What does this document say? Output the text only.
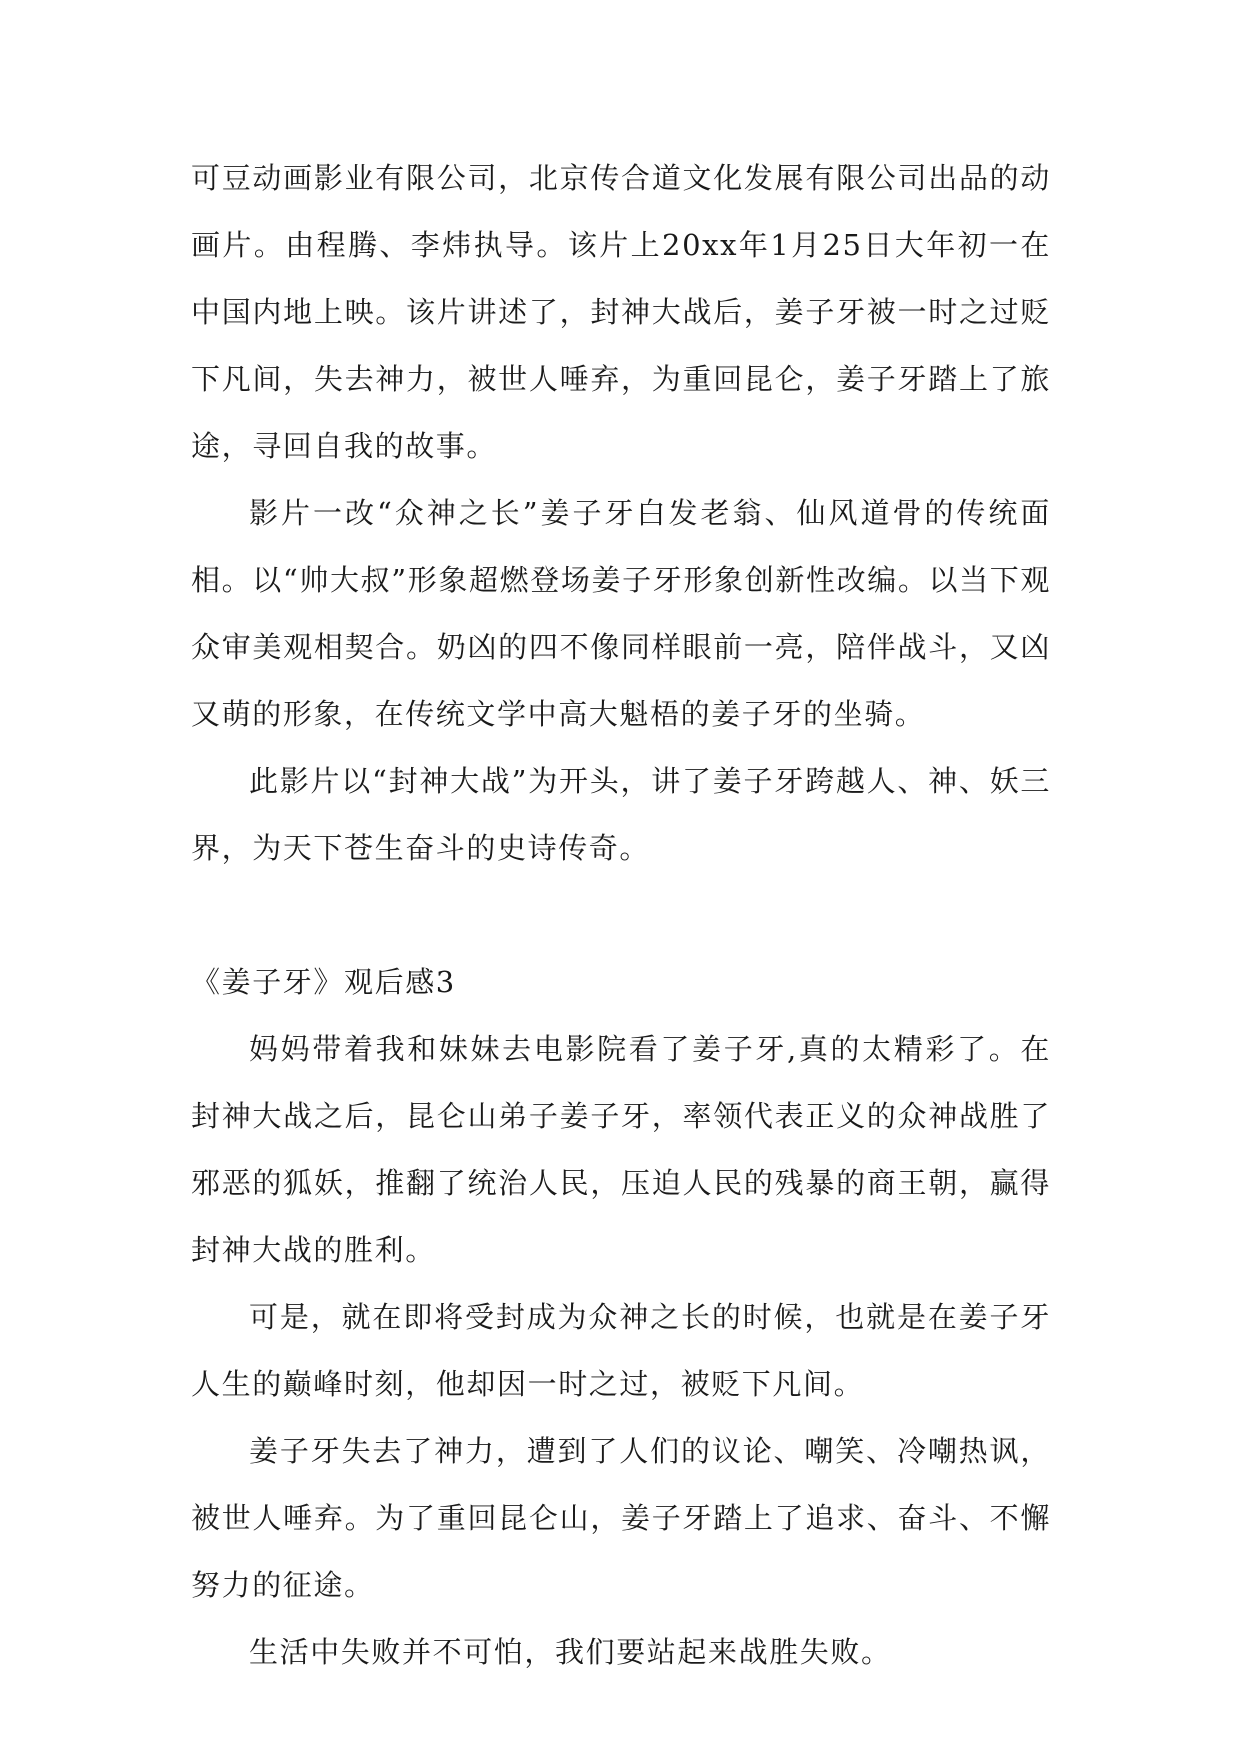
可豆动画影业有限公司，北京传合道文化发展有限公司出品的动画片。由程腾、李炜执导。该片上20xx年1月25日大年初一在中国内地上映。该片讲述了，封神大战后，姜子牙被一时之过贬下凡间，失去神力，被世人唾弃，为重回昆仑，姜子牙踏上了旅途，寻回自我的故事。

影片一改“众神之长”姜子牙白发老翁、仙风道骨的传统面相。以“帅大叔”形象超燃登场姜子牙形象创新性改编。以当下观众审美观相契合。奶凶的四不像同样眼前一亮，陪伴战斗，又凶又萌的形象，在传统文学中高大魁梧的姜子牙的坐骑。

此影片以“封神大战”为开头，讲了姜子牙跨越人、神、妖三界，为天下苍生奋斗的史诗传奇。

《姜子牙》观后感3

妈妈带着我和妹妹去电影院看了姜子牙,真的太精彩了。在封神大战之后，昆仑山弟子姜子牙，率领代表正义的众神战胜了邪恶的狐妖，推翻了统治人民，压迫人民的残暴的商王朝，赢得封神大战的胜利。

可是，就在即将受封成为众神之长的时候，也就是在姜子牙人生的巅峰时刻，他却因一时之过，被贬下凡间。

姜子牙失去了神力，遭到了人们的议论、嘲笑、冷嘲热讽，被世人唾弃。为了重回昆仑山，姜子牙踏上了追求、奋斗、不懈努力的征途。

生活中失败并不可怕，我们要站起来战胜失败。
